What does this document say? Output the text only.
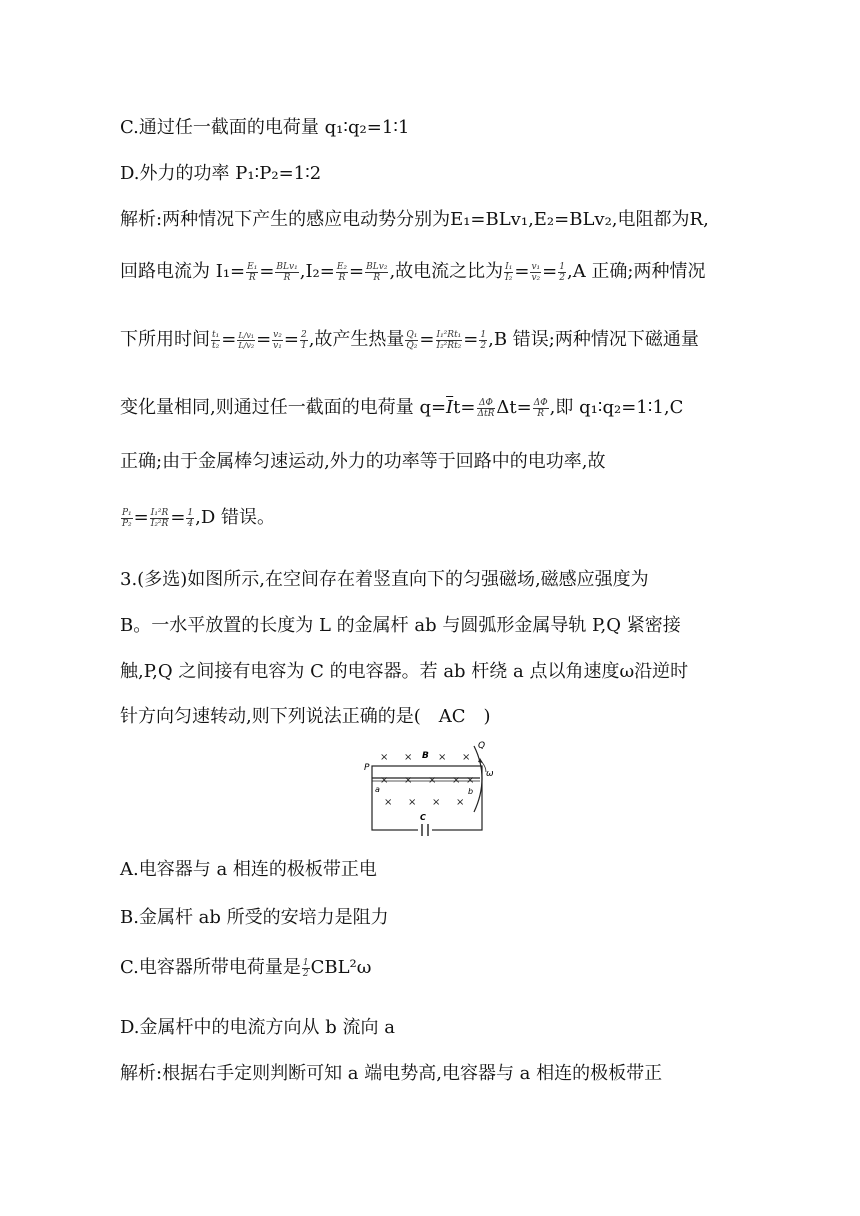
C.通过任一截面的电荷量 q₁∶q₂=1∶1
D.外力的功率 P₁∶P₂=1∶2
解析:两种情况下产生的感应电动势分别为E₁=BLv₁,E₂=BLv₂,电阻都为R,
回路电流为 $I_1= \frac{\text{E₁}}{R} = \frac{\text{BLv₁}}{R} ,I_2= \frac{\text{E₂}}{R} = \frac{\text{BLv₂}}{R}$ ,故电流之比为 $\frac{\text{I₁}}{\text{I₂}} = \frac{\text{v₁}}{\text{v₂}} = \frac{1}{2} ,A$ 正确;两种情况
下所用时间 $\frac{\text{t₁}}{\text{t₂}} = \frac{\text{L/v₁}}{\text{L/v₂}} = \frac{\text{v₂}}{\text{v₁}} = \frac{2}{1}$ ,故产生热量 $\frac{\text{Q₁}}{\text{Q₂}} = \frac{\text{I₁²Rt₁}}{\text{I₂²Rt₂}} = \frac{1}{2} ,B$ 错误;两种情况下磁通量
变化量相同,则通过任一截面的电荷量 $q=\overline{I}t= \frac{\Delta\Phi}{\text{ΔtR}} \Delta t= \frac{\Delta\Phi}{R}$ ,即 q₁∶q₂=1∶1,C
正确;由于金属棒匀速运动,外力的功率等于回路中的电功率,故
$\frac{\text{P₁}}{\text{P₂}} = \frac{\text{I₁²R}}{\text{I₂²R}} = \frac{1}{4} ,D$ 错误。
3.(多选)如图所示,在空间存在着竖直向下的匀强磁场,磁感应强度为
B。一水平放置的长度为 L 的金属杆 ab 与圆弧形金属导轨 P,Q 紧密接
触,P,Q 之间接有电容为 C 的电容器。若 ab 杆绕 a 点以角速度ω沿逆时
针方向匀速转动,则下列说法正确的是(　AC　)
P
Q
B
a	b
C
ω
× ×	× ×
× × × × ×
× × × ×
A.电容器与 a 相连的极板带正电
B.金属杆 ab 所受的安培力是阻力
C.电容器所带电荷量是 $\frac{1}{2} CBL^2\omega$
D.金属杆中的电流方向从 b 流向 a
解析:根据右手定则判断可知 a 端电势高,电容器与 a 相连的极板带正
